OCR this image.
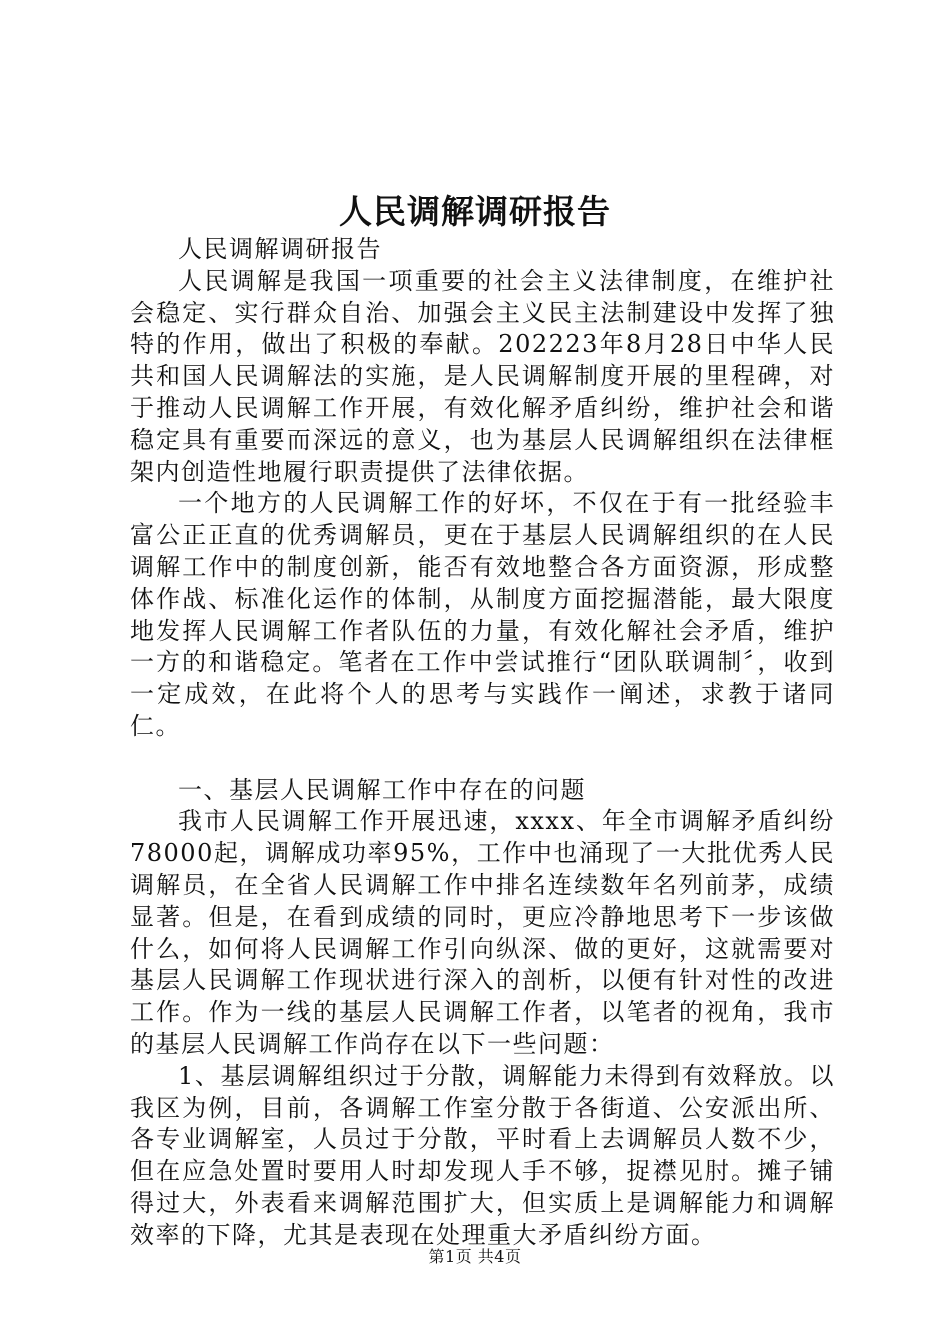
人民调解调研报告

人民调解调研报告

人民调解是我国一项重要的社会主义法律制度，在维护社会稳定、实行群众自治、加强会主义民主法制建设中发挥了独特的作用，做出了积极的奉献。202223年8月28日中华人民共和国人民调解法的实施，是人民调解制度开展的里程碑，对于推动人民调解工作开展，有效化解矛盾纠纷，维护社会和谐稳定具有重要而深远的意义，也为基层人民调解组织在法律框架内创造性地履行职责提供了法律依据。

一个地方的人民调解工作的好坏，不仅在于有一批经验丰富公正正直的优秀调解员，更在于基层人民调解组织的在人民调解工作中的制度创新，能否有效地整合各方面资源，形成整体作战、标准化运作的体制，从制度方面挖掘潜能，最大限度地发挥人民调解工作者队伍的力量，有效化解社会矛盾，维护一方的和谐稳定。笔者在工作中尝试推行“团队联调制〞，收到一定成效，在此将个人的思考与实践作一阐述，求教于诸同仁。

一、基层人民调解工作中存在的问题

我市人民调解工作开展迅速，xxxx、年全市调解矛盾纠纷78000起，调解成功率95%，工作中也涌现了一大批优秀人民调解员，在全省人民调解工作中排名连续数年名列前茅，成绩显著。但是，在看到成绩的同时，更应冷静地思考下一步该做什么，如何将人民调解工作引向纵深、做的更好，这就需要对基层人民调解工作现状进行深入的剖析，以便有针对性的改进工作。作为一线的基层人民调解工作者，以笔者的视角，我市的基层人民调解工作尚存在以下一些问题：

1、基层调解组织过于分散，调解能力未得到有效释放。以我区为例，目前，各调解工作室分散于各街道、公安派出所、各专业调解室，人员过于分散，平时看上去调解员人数不少，但在应急处置时要用人时却发现人手不够，捉襟见肘。摊子铺得过大，外表看来调解范围扩大，但实质上是调解能力和调解效率的下降，尤其是表现在处理重大矛盾纠纷方面。

第1页 共4页
